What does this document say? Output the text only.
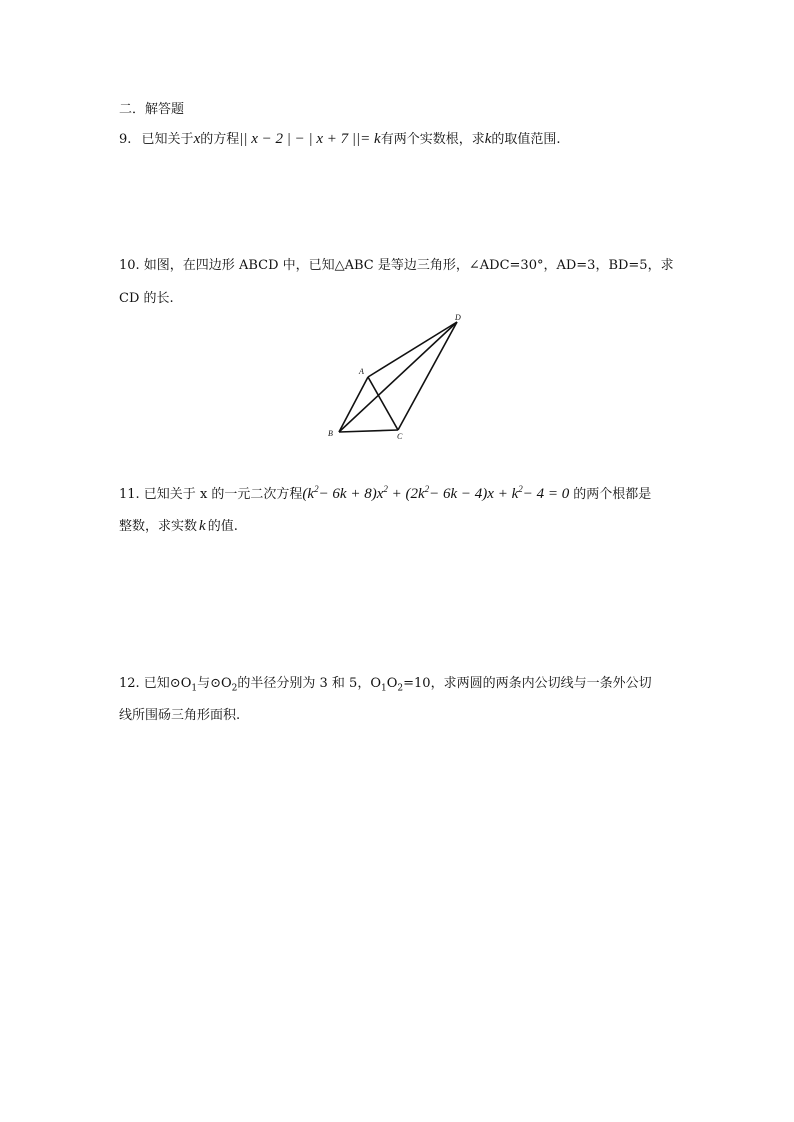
二．解答题
9. 已知关于x的方程|| x − 2 | − | x + 7 ||= k有两个实数根，求k的取值范围.
10. 如图，在四边形 ABCD 中，已知△ABC 是等边三角形，∠ADC=30°，AD=3，BD=5，求
CD 的长.
D
A
B	C
11. 已知关于 x 的一元二次方程$(k^2- 6k + 8)x^2 + (2k^2- 6k - 4)x + k^2- 4 = 0$ 的两个根都是
整数，求实数 k 的值.
12. 已知$⊙O_1$与$⊙O_2$的半径分别为 3 和 5，$O_1O_2=10$，求两圆的两条内公切线与一条外公切
线所围砀三角形面积.
